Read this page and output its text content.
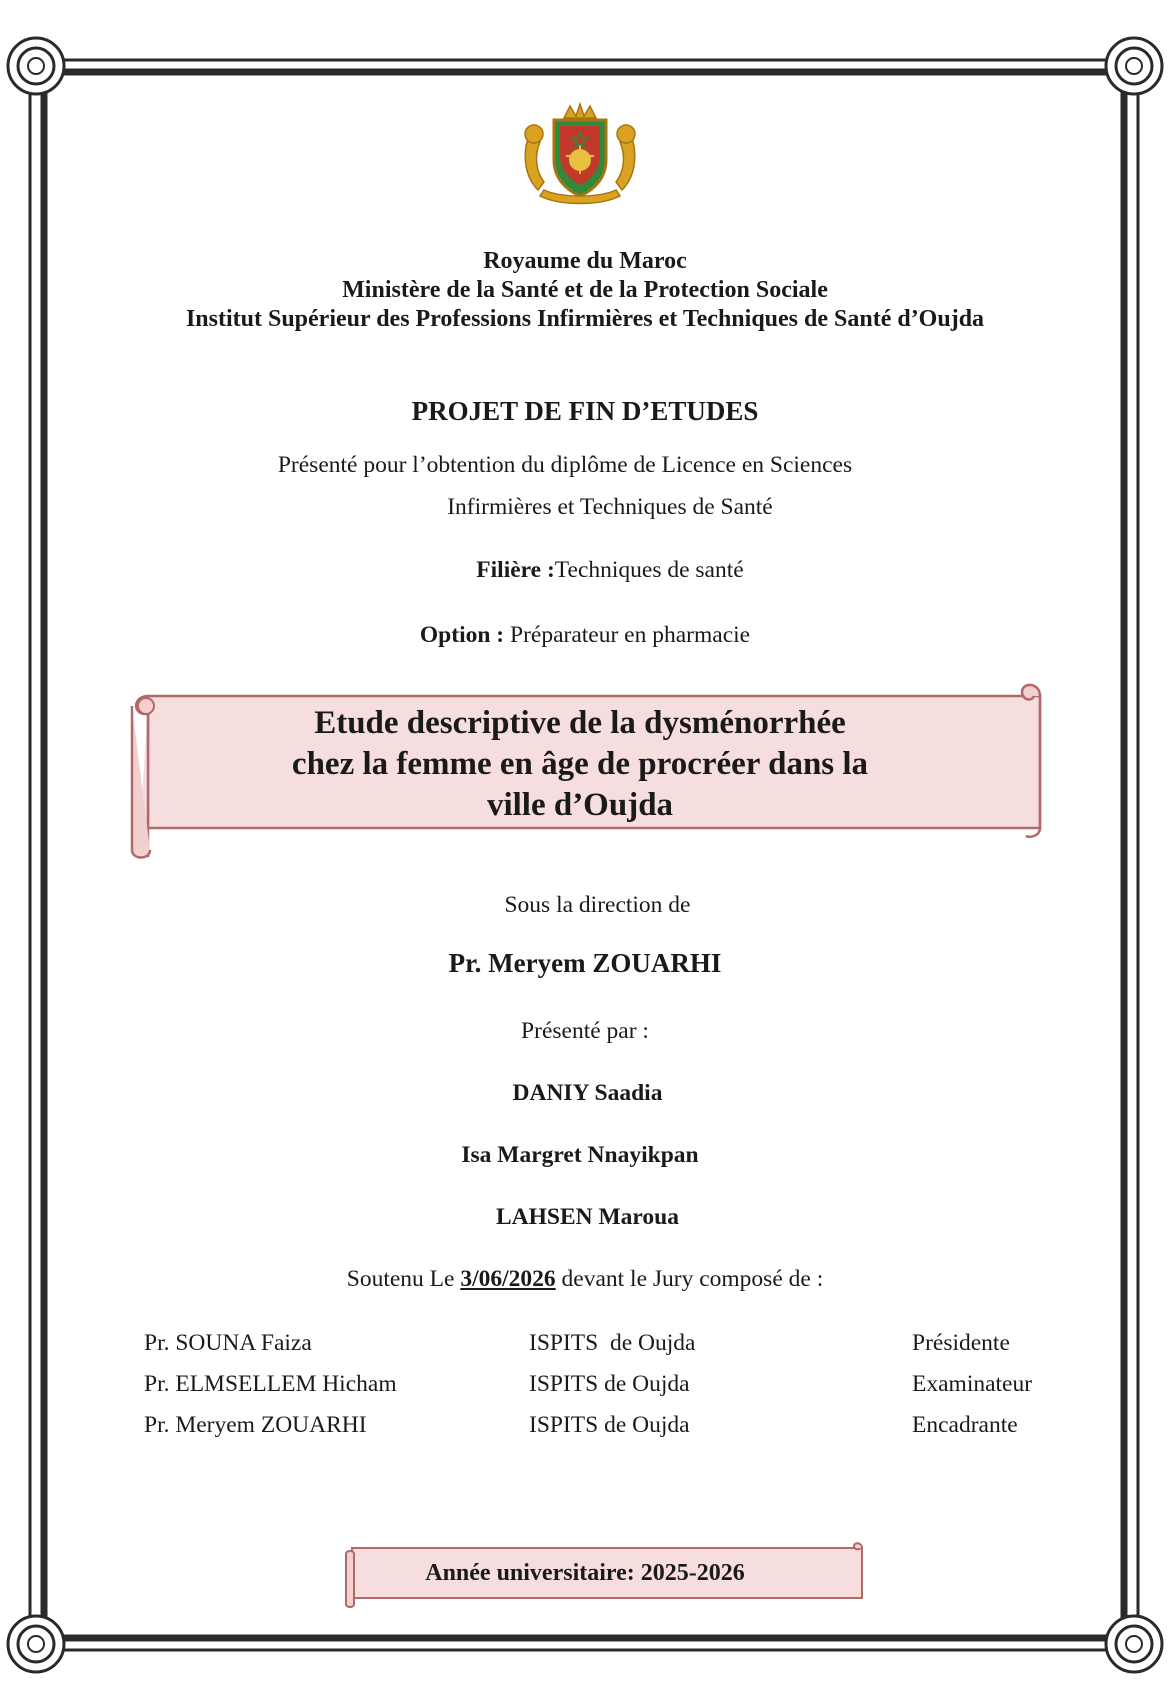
Royaume du Maroc
Ministère de la Santé et de la Protection Sociale
Institut Supérieur des Professions Infirmières et Techniques de Santé d’Oujda
PROJET DE FIN D’ETUDES
Présenté pour l’obtention du diplôme de Licence en Sciences
Infirmières et Techniques de Santé
Filière :Techniques de santé
Option : Préparateur en pharmacie
Etude descriptive de la dysménorrhée
chez la femme en âge de procréer dans la
ville d’Oujda
Sous la direction de
Pr. Meryem ZOUARHI
Présenté par :
DANIY Saadia
Isa Margret Nnayikpan
LAHSEN Maroua
Soutenu Le 3/06/2026 devant le Jury composé de :
Pr. SOUNA Faiza	ISPITS  de Oujda	Présidente
Pr. ELMSELLEM Hicham	ISPITS de Oujda	Examinateur
Pr. Meryem ZOUARHI	ISPITS de Oujda	Encadrante
Année universitaire: 2025-2026
